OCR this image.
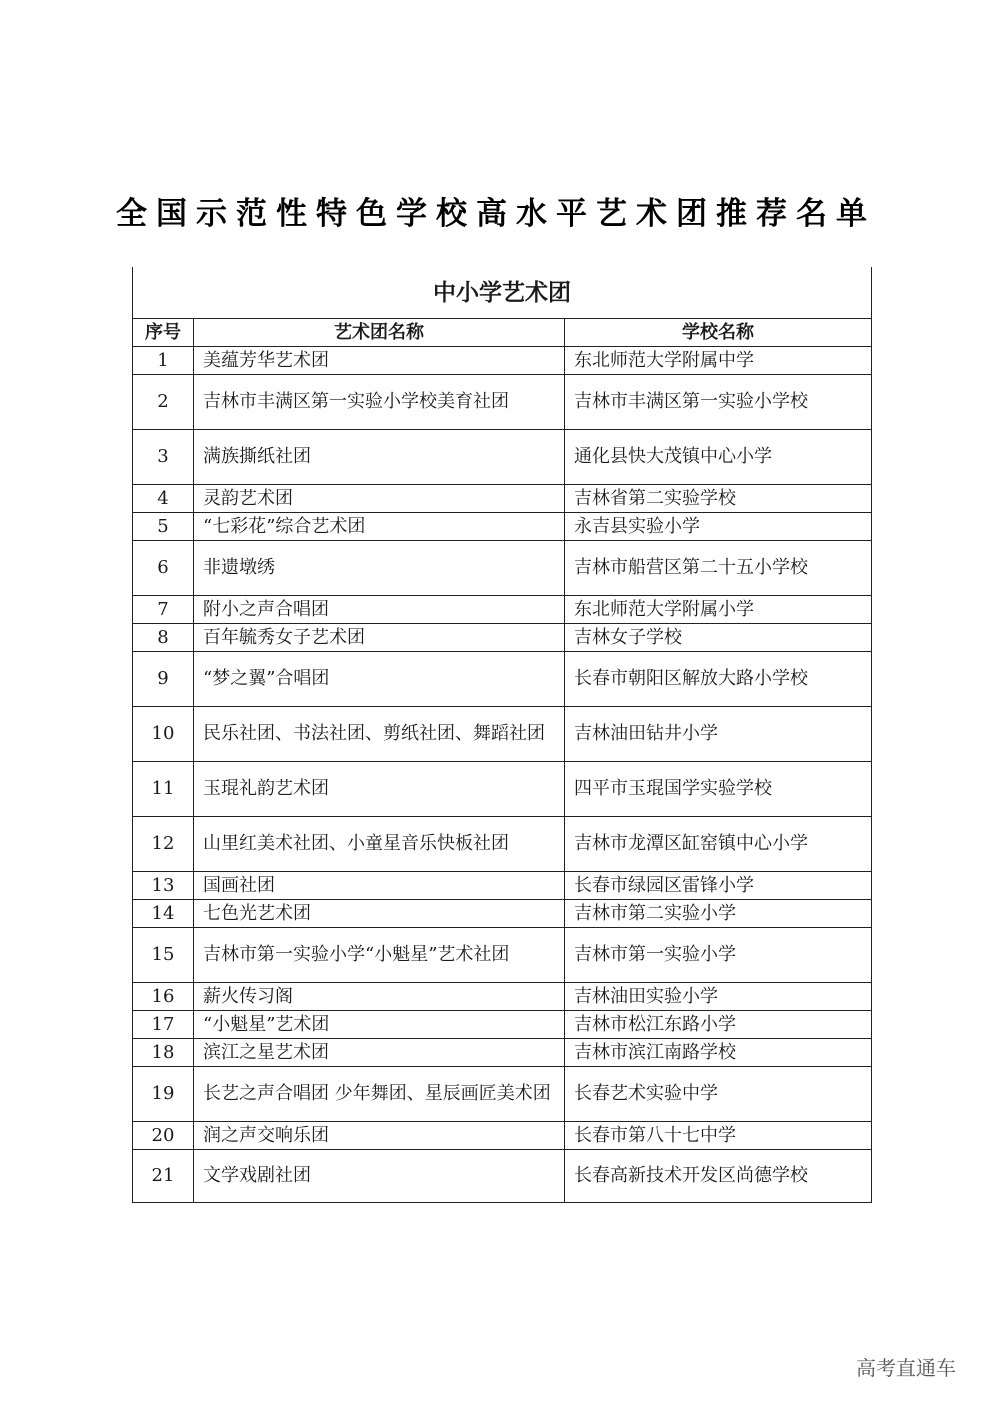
全国示范性特色学校高水平艺术团推荐名单
中小学艺术团		
序号	艺术团名称	学校名称
1	美蕴芳华艺术团	东北师范大学附属中学
2	吉林市丰满区第一实验小学校美育社团	吉林市丰满区第一实验小学校
3	满族撕纸社团	通化县快大茂镇中心小学
4	灵韵艺术团	吉林省第二实验学校
5	“七彩花”综合艺术团	永吉县实验小学
6	非遗墩绣	吉林市船营区第二十五小学校
7	附小之声合唱团	东北师范大学附属小学
8	百年毓秀女子艺术团	吉林女子学校
9	“梦之翼”合唱团	长春市朝阳区解放大路小学校
10	民乐社团、书法社团、剪纸社团、舞蹈社团	吉林油田钻井小学
11	玉琨礼韵艺术团	四平市玉琨国学实验学校
12	山里红美术社团、小童星音乐快板社团	吉林市龙潭区缸窑镇中心小学
13	国画社团	长春市绿园区雷锋小学
14	七色光艺术团	吉林市第二实验小学
15	吉林市第一实验小学“小魁星”艺术社团	吉林市第一实验小学
16	薪火传习阁	吉林油田实验小学
17	“小魁星”艺术团	吉林市松江东路小学
18	滨江之星艺术团	吉林市滨江南路学校
19	长艺之声合唱团 少年舞团、星辰画匠美术团	长春艺术实验中学
20	润之声交响乐团	长春市第八十七中学
21	文学戏剧社团	长春高新技术开发区尚德学校
高考直通车
